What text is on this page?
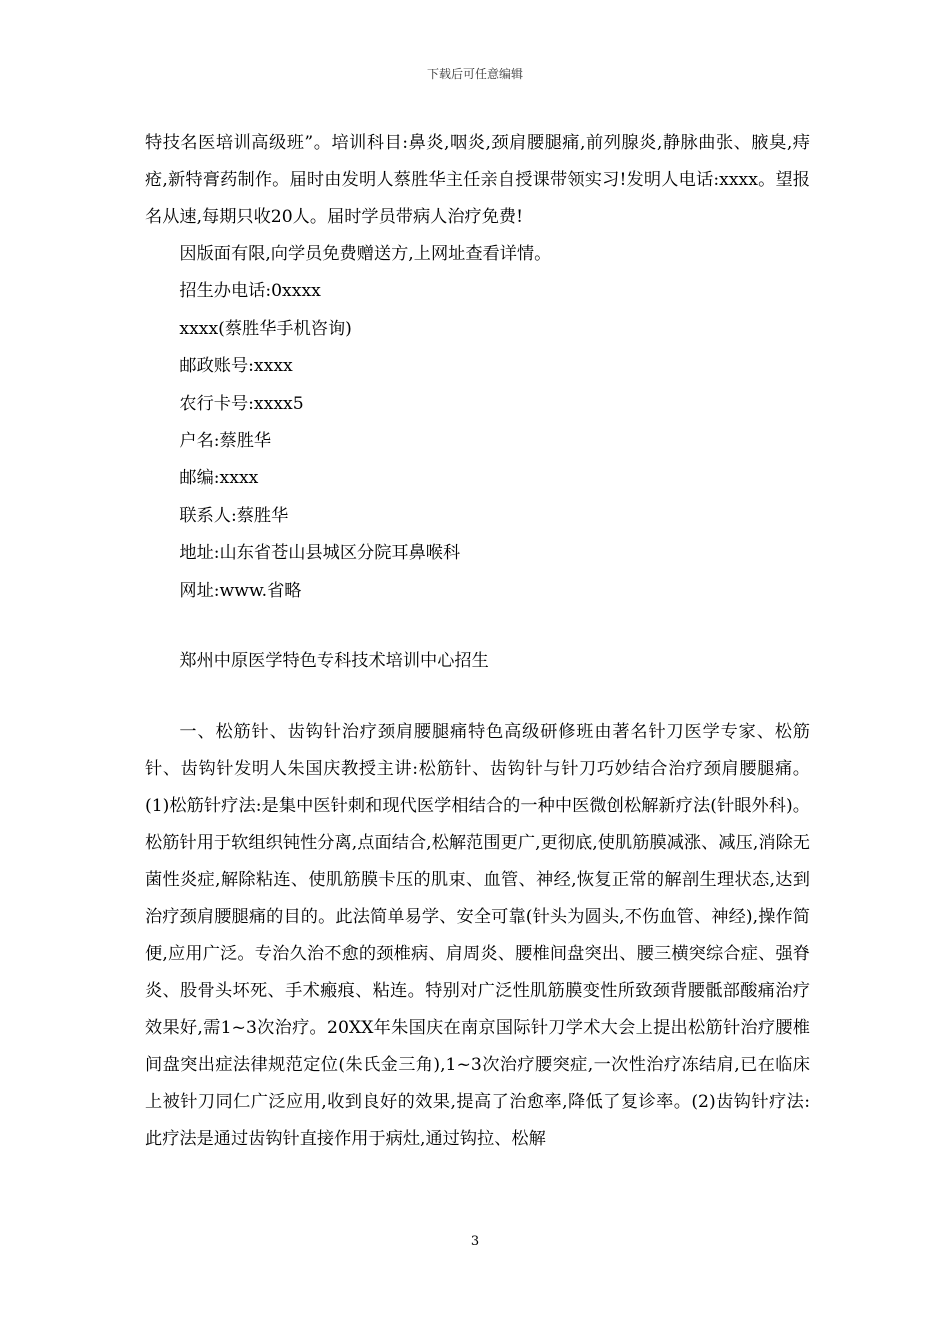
下载后可任意编辑

特技名医培训高级班”。培训科目:鼻炎,咽炎,颈肩腰腿痛,前列腺炎,静脉曲张、腋臭,痔疮,新特膏药制作。届时由发明人蔡胜华主任亲自授课带领实习!发明人电话:xxxx。望报名从速,每期只收20人。届时学员带病人治疗免费!

因版面有限,向学员免费赠送方,上网址查看详情。

招生办电话:0xxxx

xxxx(蔡胜华手机咨询)

邮政账号:xxxx

农行卡号:xxxx5

户名:蔡胜华

邮编:xxxx

联系人:蔡胜华

地址:山东省苍山县城区分院耳鼻喉科

网址:www.省略

郑州中原医学特色专科技术培训中心招生

一、松筋针、齿钩针治疗颈肩腰腿痛特色高级研修班由著名针刀医学专家、松筋针、齿钩针发明人朱国庆教授主讲:松筋针、齿钩针与针刀巧妙结合治疗颈肩腰腿痛。(1)松筋针疗法:是集中医针刺和现代医学相结合的一种中医微创松解新疗法(针眼外科)。松筋针用于软组织钝性分离,点面结合,松解范围更广,更彻底,使肌筋膜减涨、减压,消除无菌性炎症,解除粘连、使肌筋膜卡压的肌束、血管、神经,恢复正常的解剖生理状态,达到治疗颈肩腰腿痛的目的。此法简单易学、安全可靠(针头为圆头,不伤血管、神经),操作简便,应用广泛。专治久治不愈的颈椎病、肩周炎、腰椎间盘突出、腰三横突综合症、强脊炎、股骨头坏死、手术瘢痕、粘连。特别对广泛性肌筋膜变性所致颈背腰骶部酸痛治疗效果好,需1~3次治疗。20XX年朱国庆在南京国际针刀学术大会上提出松筋针治疗腰椎间盘突出症法律规范定位(朱氏金三角),1~3次治疗腰突症,一次性治疗冻结肩,已在临床上被针刀同仁广泛应用,收到良好的效果,提高了治愈率,降低了复诊率。(2)齿钩针疗法:此疗法是通过齿钩针直接作用于病灶,通过钩拉、松解

3
